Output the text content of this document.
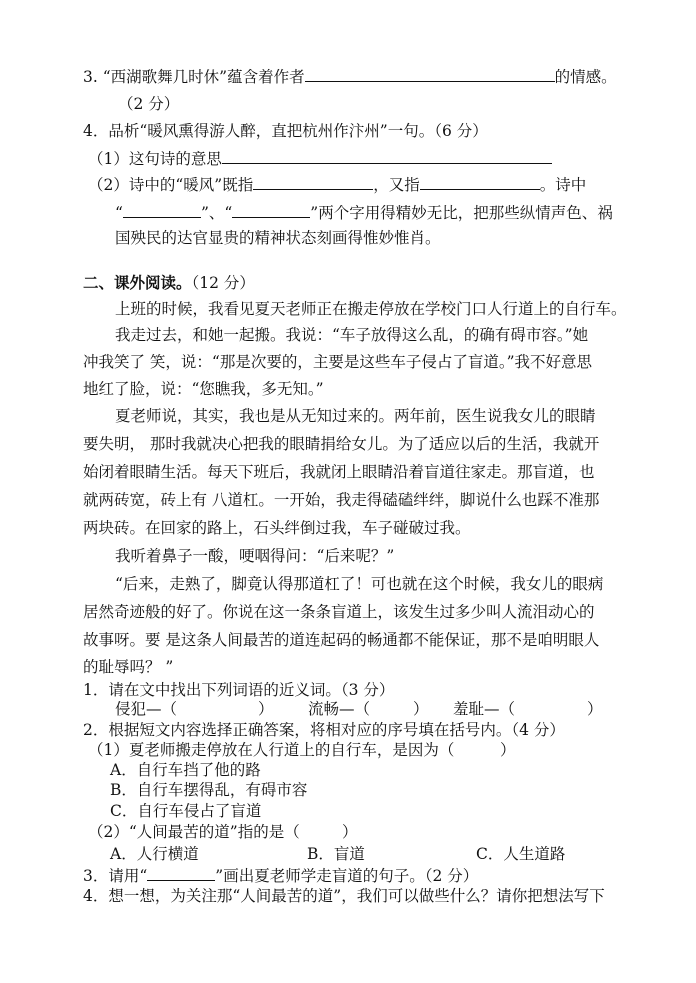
3. “西湖歌舞几时休”蕴含着作者	的情感。
（2 分）
4．品析“暖风熏得游人醉，直把杭州作汴州”一句。（6 分）
（1）这句诗的意思
（2）诗中的“暖风”既指	，又指	。诗中
“	”、“	”两个字用得精妙无比，把那些纵情声色、祸
国殃民的达官显贵的精神状态刻画得惟妙惟肖。
二、课外阅读。（12 分）
上班的时候，我看见夏天老师正在搬走停放在学校门口人行道上的自行车。
我走过去，和她一起搬。我说：“车子放得这么乱，的确有碍市容。”她
冲我笑了 笑，说：“那是次要的，主要是这些车子侵占了盲道。”我不好意思
地红了脸，说：“您瞧我，多无知。”
夏老师说，其实，我也是从无知过来的。两年前，医生说我女儿的眼睛
要失明， 那时我就决心把我的眼睛捐给女儿。为了适应以后的生活，我就开
始闭着眼睛生活。每天下班后，我就闭上眼睛沿着盲道往家走。那盲道，也
就两砖宽，砖上有 八道杠。一开始，我走得磕磕绊绊，脚说什么也踩不准那
两块砖。在回家的路上，石头绊倒过我，车子碰破过我。
我听着鼻子一酸，哽咽得问：“后来呢？”
“后来，走熟了，脚竟认得那道杠了！可也就在这个时候，我女儿的眼病
居然奇迹般的好了。你说在这一条条盲道上，该发生过多少叫人流泪动心的
故事呀。要 是这条人间最苦的道连起码的畅通都不能保证，那不是咱明眼人
的耻辱吗？ ”
1．请在文中找出下列词语的近义词。（3 分）
侵犯—（	） 流畅—（	） 羞耻—（	）
2．根据短文内容选择正确答案，将相对应的序号填在括号内。（4 分）
（1）夏老师搬走停放在人行道上的自行车，是因为（	）
A．自行车挡了他的路
B．自行车摆得乱，有碍市容
C．自行车侵占了盲道
（2）“人间最苦的道”指的是（	）
A．人行横道	B．盲道	C．人生道路
3．请用“	”画出夏老师学走盲道的句子。（2 分）
4．想一想，为关注那“人间最苦的道”，我们可以做些什么？请你把想法写下
